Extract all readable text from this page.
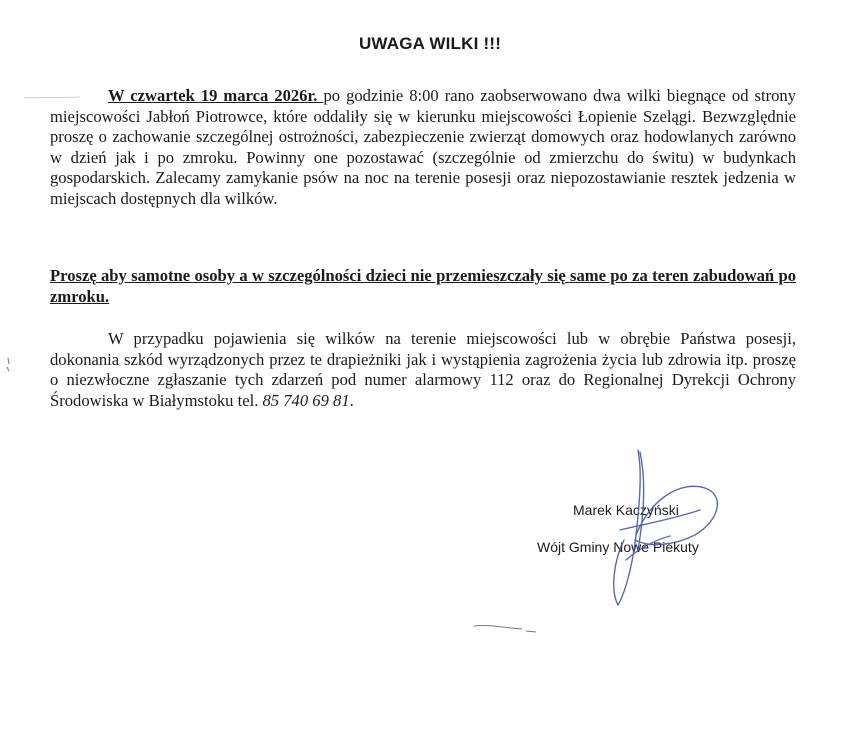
UWAGA WILKI !!!
W czwartek 19 marca 2026r. po godzinie 8:00 rano zaobserwowano dwa wilki biegnące od strony miejscowości Jabłoń Piotrowce, które oddaliły się w kierunku miejscowości Łopienie Szelągi. Bezwzględnie proszę o zachowanie szczególnej ostrożności, zabezpieczenie zwierząt domowych oraz hodowlanych zarówno w dzień jak i po zmroku. Powinny one pozostawać (szczególnie od zmierzchu do świtu) w budynkach gospodarskich. Zalecamy zamykanie psów na noc na terenie posesji oraz niepozostawianie resztek jedzenia w miejscach dostępnych dla wilków.
Proszę aby samotne osoby a w szczególności dzieci nie przemieszczały się same po za teren zabudowań po zmroku.
W przypadku pojawienia się wilków na terenie miejscowości lub w obrębie Państwa posesji, dokonania szkód wyrządzonych przez te drapieżniki jak i wystąpienia zagrożenia życia lub zdrowia itp. proszę o niezwłoczne zgłaszanie tych zdarzeń pod numer alarmowy 112 oraz do Regionalnej Dyrekcji Ochrony Środowiska w Białymstoku tel. 85 740 69 81.
Marek Kaczyński
Wójt Gminy Nowe Piekuty
